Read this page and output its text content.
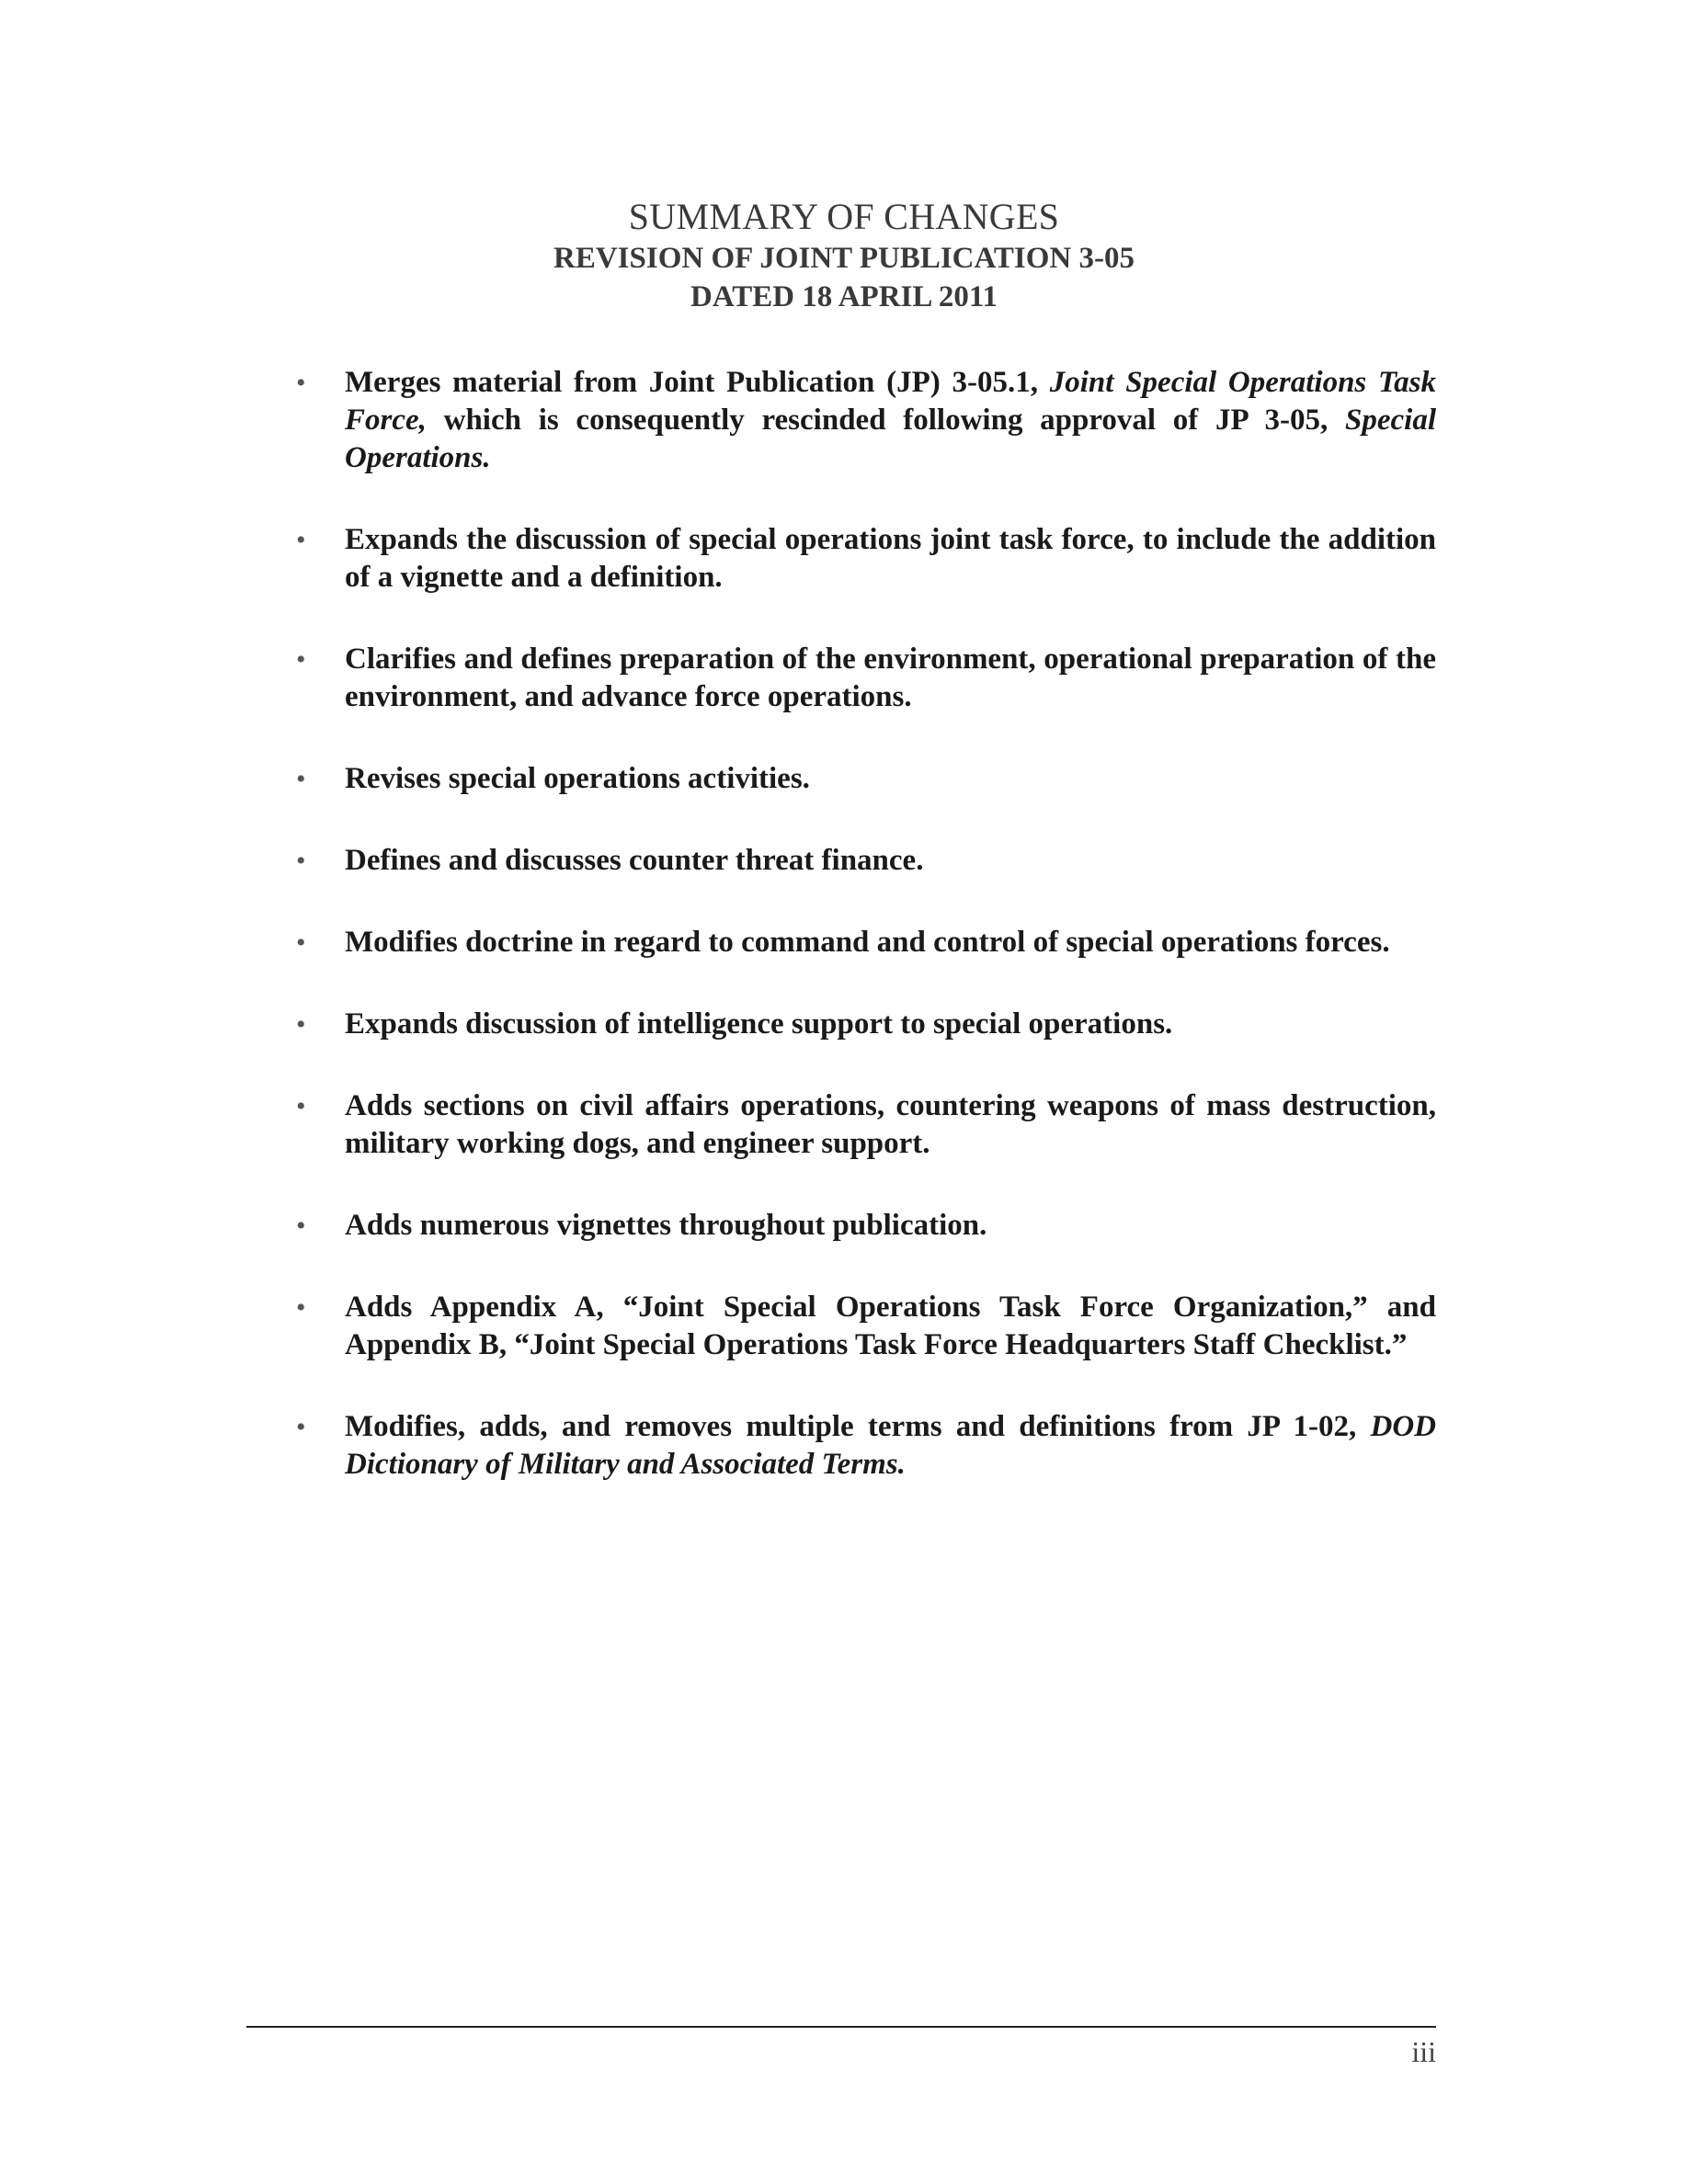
SUMMARY OF CHANGES
REVISION OF JOINT PUBLICATION 3-05
DATED 18 APRIL 2011
• Merges material from Joint Publication (JP) 3-05.1, Joint Special Operations Task Force, which is consequently rescinded following approval of JP 3-05, Special Operations.
• Expands the discussion of special operations joint task force, to include the addition of a vignette and a definition.
• Clarifies and defines preparation of the environment, operational preparation of the environment, and advance force operations.
• Revises special operations activities.
• Defines and discusses counter threat finance.
• Modifies doctrine in regard to command and control of special operations forces.
• Expands discussion of intelligence support to special operations.
• Adds sections on civil affairs operations, countering weapons of mass destruction, military working dogs, and engineer support.
• Adds numerous vignettes throughout publication.
• Adds Appendix A, “Joint Special Operations Task Force Organization,” and Appendix B, “Joint Special Operations Task Force Headquarters Staff Checklist.”
• Modifies, adds, and removes multiple terms and definitions from JP 1-02, DOD Dictionary of Military and Associated Terms.
iii
